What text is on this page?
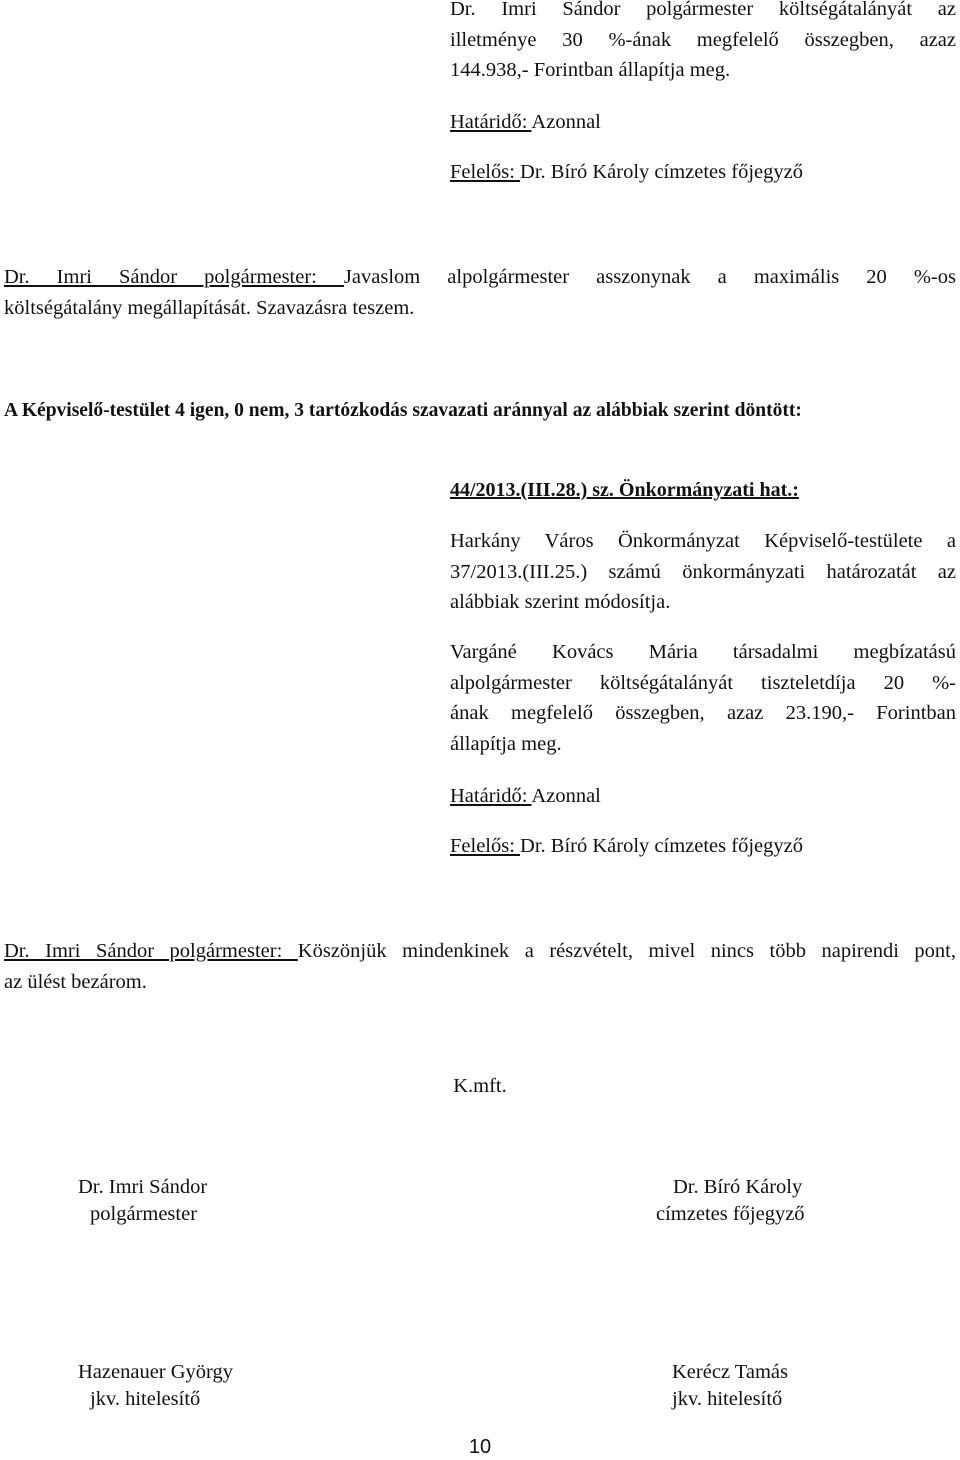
Dr. Imri Sándor polgármester költségátalányát az
illetménye 30 %-ának megfelelő összegben, azaz
144.938,- Forintban állapítja meg.
Határidő: Azonnal
Felelős: Dr. Bíró Károly címzetes főjegyző
Dr. Imri Sándor polgármester: Javaslom alpolgármester asszonynak a maximális 20 %-os
költségátalány megállapítását. Szavazásra teszem.
A Képviselő-testület 4 igen, 0 nem, 3 tartózkodás szavazati aránnyal az alábbiak szerint döntött:
44/2013.(III.28.) sz. Önkormányzati hat.:
Harkány Város Önkormányzat Képviselő-testülete a
37/2013.(III.25.) számú önkormányzati határozatát az
alábbiak szerint módosítja.
Vargáné Kovács Mária társadalmi megbízatású
alpolgármester költségátalányát tiszteletdíja 20 %-
ának megfelelő összegben, azaz 23.190,- Forintban
állapítja meg.
Határidő: Azonnal
Felelős: Dr. Bíró Károly címzetes főjegyző
Dr. Imri Sándor polgármester: Köszönjük mindenkinek a részvételt, mivel nincs több napirendi pont,
az ülést bezárom.
K.mft.
Dr. Imri Sándor
polgármester
Dr. Bíró Károly
címzetes főjegyző
Hazenauer György
jkv. hitelesítő
Kerécz Tamás
jkv. hitelesítő
10
